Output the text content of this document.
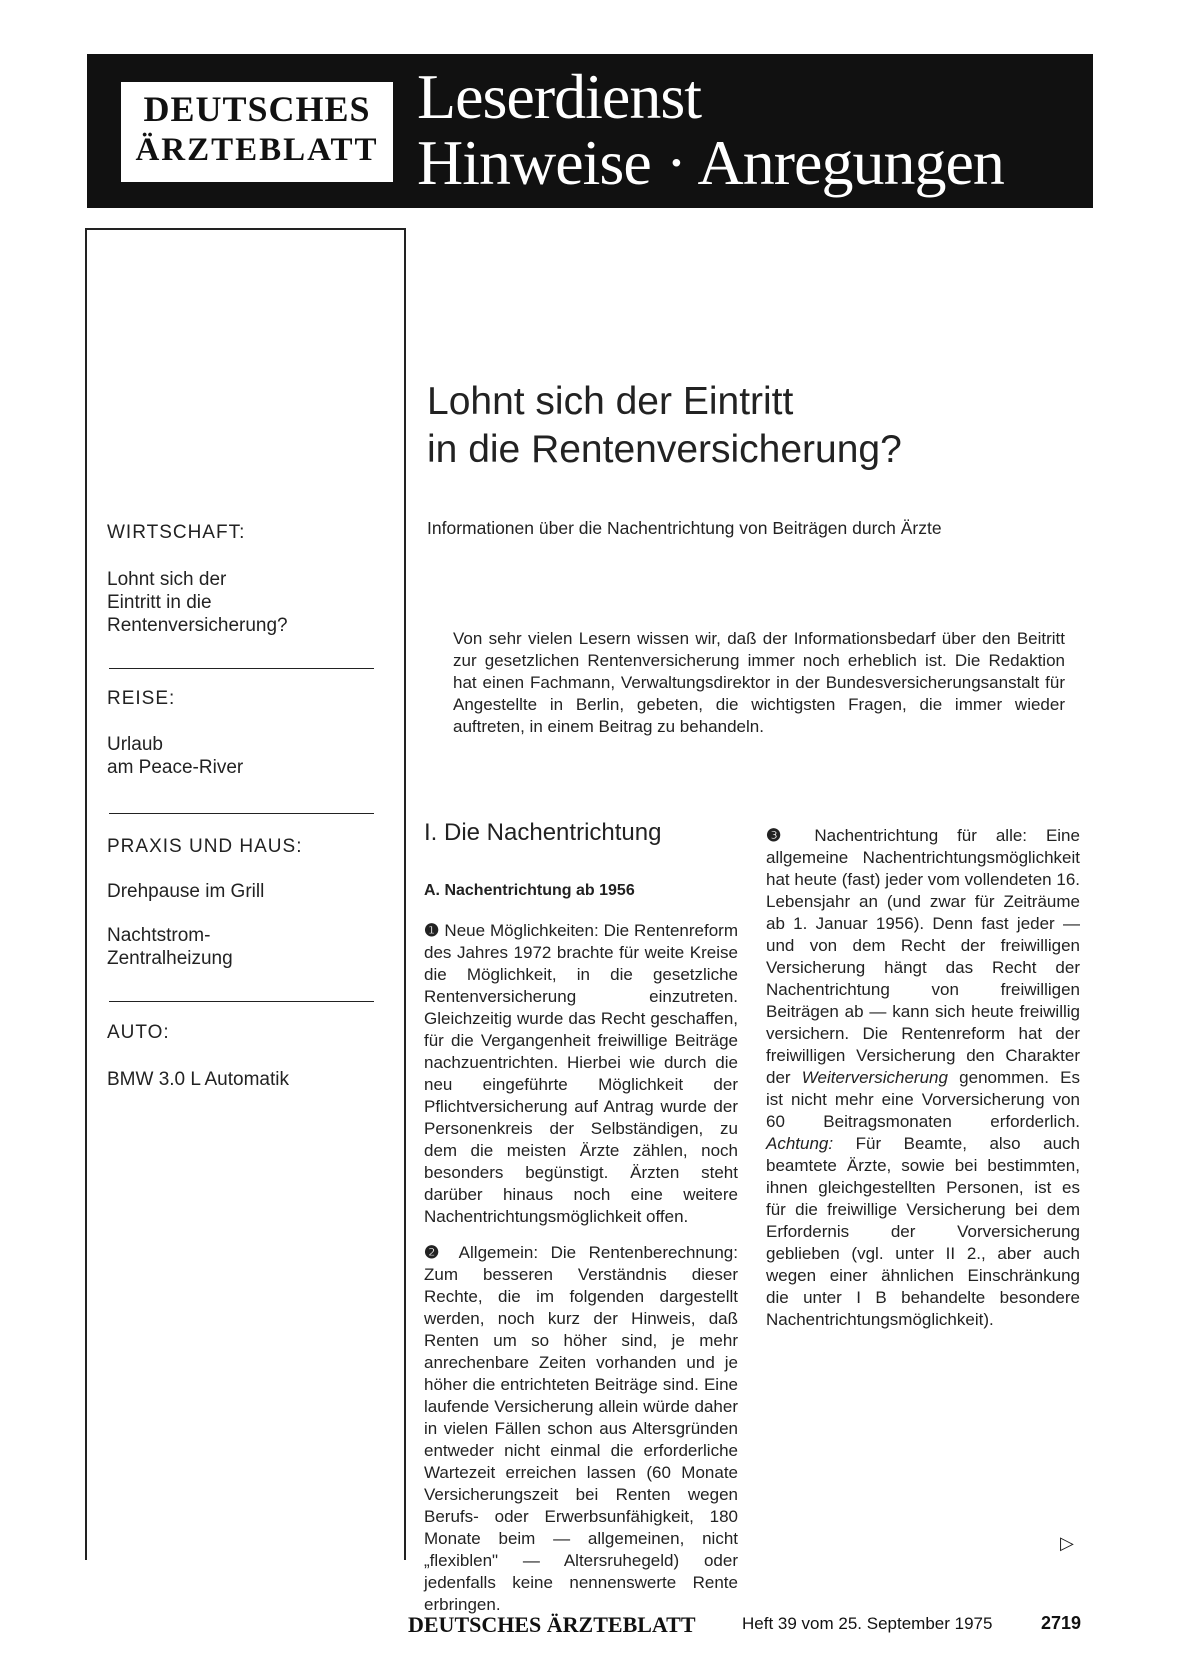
DEUTSCHES
ÄRZTEBLATT
Leserdienst
Hinweise · Anregungen
WIRTSCHAFT:
Lohnt sich der
Eintritt in die
Rentenversicherung?
REISE:
Urlaub
am Peace-River
PRAXIS UND HAUS:
Drehpause im Grill
Nachtstrom-
Zentralheizung
AUTO:
BMW 3.0 L Automatik
Lohnt sich der Eintritt
in die Rentenversicherung?
Informationen über die Nachentrichtung von Beiträgen durch Ärzte
Von sehr vielen Lesern wissen wir, daß der Informationsbedarf über den Beitritt zur gesetzlichen Rentenversicherung immer noch erheblich ist. Die Redaktion hat einen Fachmann, Verwaltungsdirektor in der Bundesversicherungsanstalt für Angestellte in Berlin, gebeten, die wichtigsten Fragen, die immer wieder auftreten, in einem Beitrag zu behandeln.
I. Die Nachentrichtung
A. Nachentrichtung ab 1956

❶ Neue Möglichkeiten: Die Rentenreform des Jahres 1972 brachte für weite Kreise die Möglichkeit, in die gesetzliche Rentenversicherung einzutreten. Gleichzeitig wurde das Recht geschaffen, für die Vergangenheit freiwillige Beiträge nachzuentrichten. Hierbei wie durch die neu eingeführte Möglichkeit der Pflichtversicherung auf Antrag wurde der Personenkreis der Selbständigen, zu dem die meisten Ärzte zählen, noch besonders begünstigt. Ärzten steht darüber hinaus noch eine weitere Nachentrichtungsmöglichkeit offen.

❷ Allgemein: Die Rentenberechnung: Zum besseren Verständnis dieser Rechte, die im folgenden dargestellt werden, noch kurz der Hinweis, daß Renten um so höher sind, je mehr anrechenbare Zeiten vorhanden und je höher die entrichteten Beiträge sind. Eine laufende Versicherung allein würde daher in vielen Fällen schon aus Altersgründen entweder nicht einmal die erforderliche Wartezeit erreichen lassen (60 Monate Versicherungszeit bei Renten wegen Berufs- oder Erwerbsunfähigkeit, 180 Monate beim — allgemeinen, nicht „flexiblen" — Altersruhegeld) oder jedenfalls keine nennenswerte Rente erbringen.

❸ Nachentrichtung für alle: Eine allgemeine Nachentrichtungsmöglichkeit hat heute (fast) jeder vom vollendeten 16. Lebensjahr an (und zwar für Zeiträume ab 1. Januar 1956). Denn fast jeder — und von dem Recht der freiwilligen Versicherung hängt das Recht der Nachentrichtung von freiwilligen Beiträgen ab — kann sich heute freiwillig versichern. Die Rentenreform hat der freiwilligen Versicherung den Charakter der Weiterversicherung genommen. Es ist nicht mehr eine Vorversicherung von 60 Beitragsmonaten erforderlich. Achtung: Für Beamte, also auch beamtete Ärzte, sowie bei bestimmten, ihnen gleichgestellten Personen, ist es für die freiwillige Versicherung bei dem Erfordernis der Vorversicherung geblieben (vgl. unter II 2., aber auch wegen einer ähnlichen Einschränkung die unter I B behandelte besondere Nachentrichtungsmöglichkeit).

▷
DEUTSCHES ÄRZTEBLATT	Heft 39 vom 25. September 1975	2719
